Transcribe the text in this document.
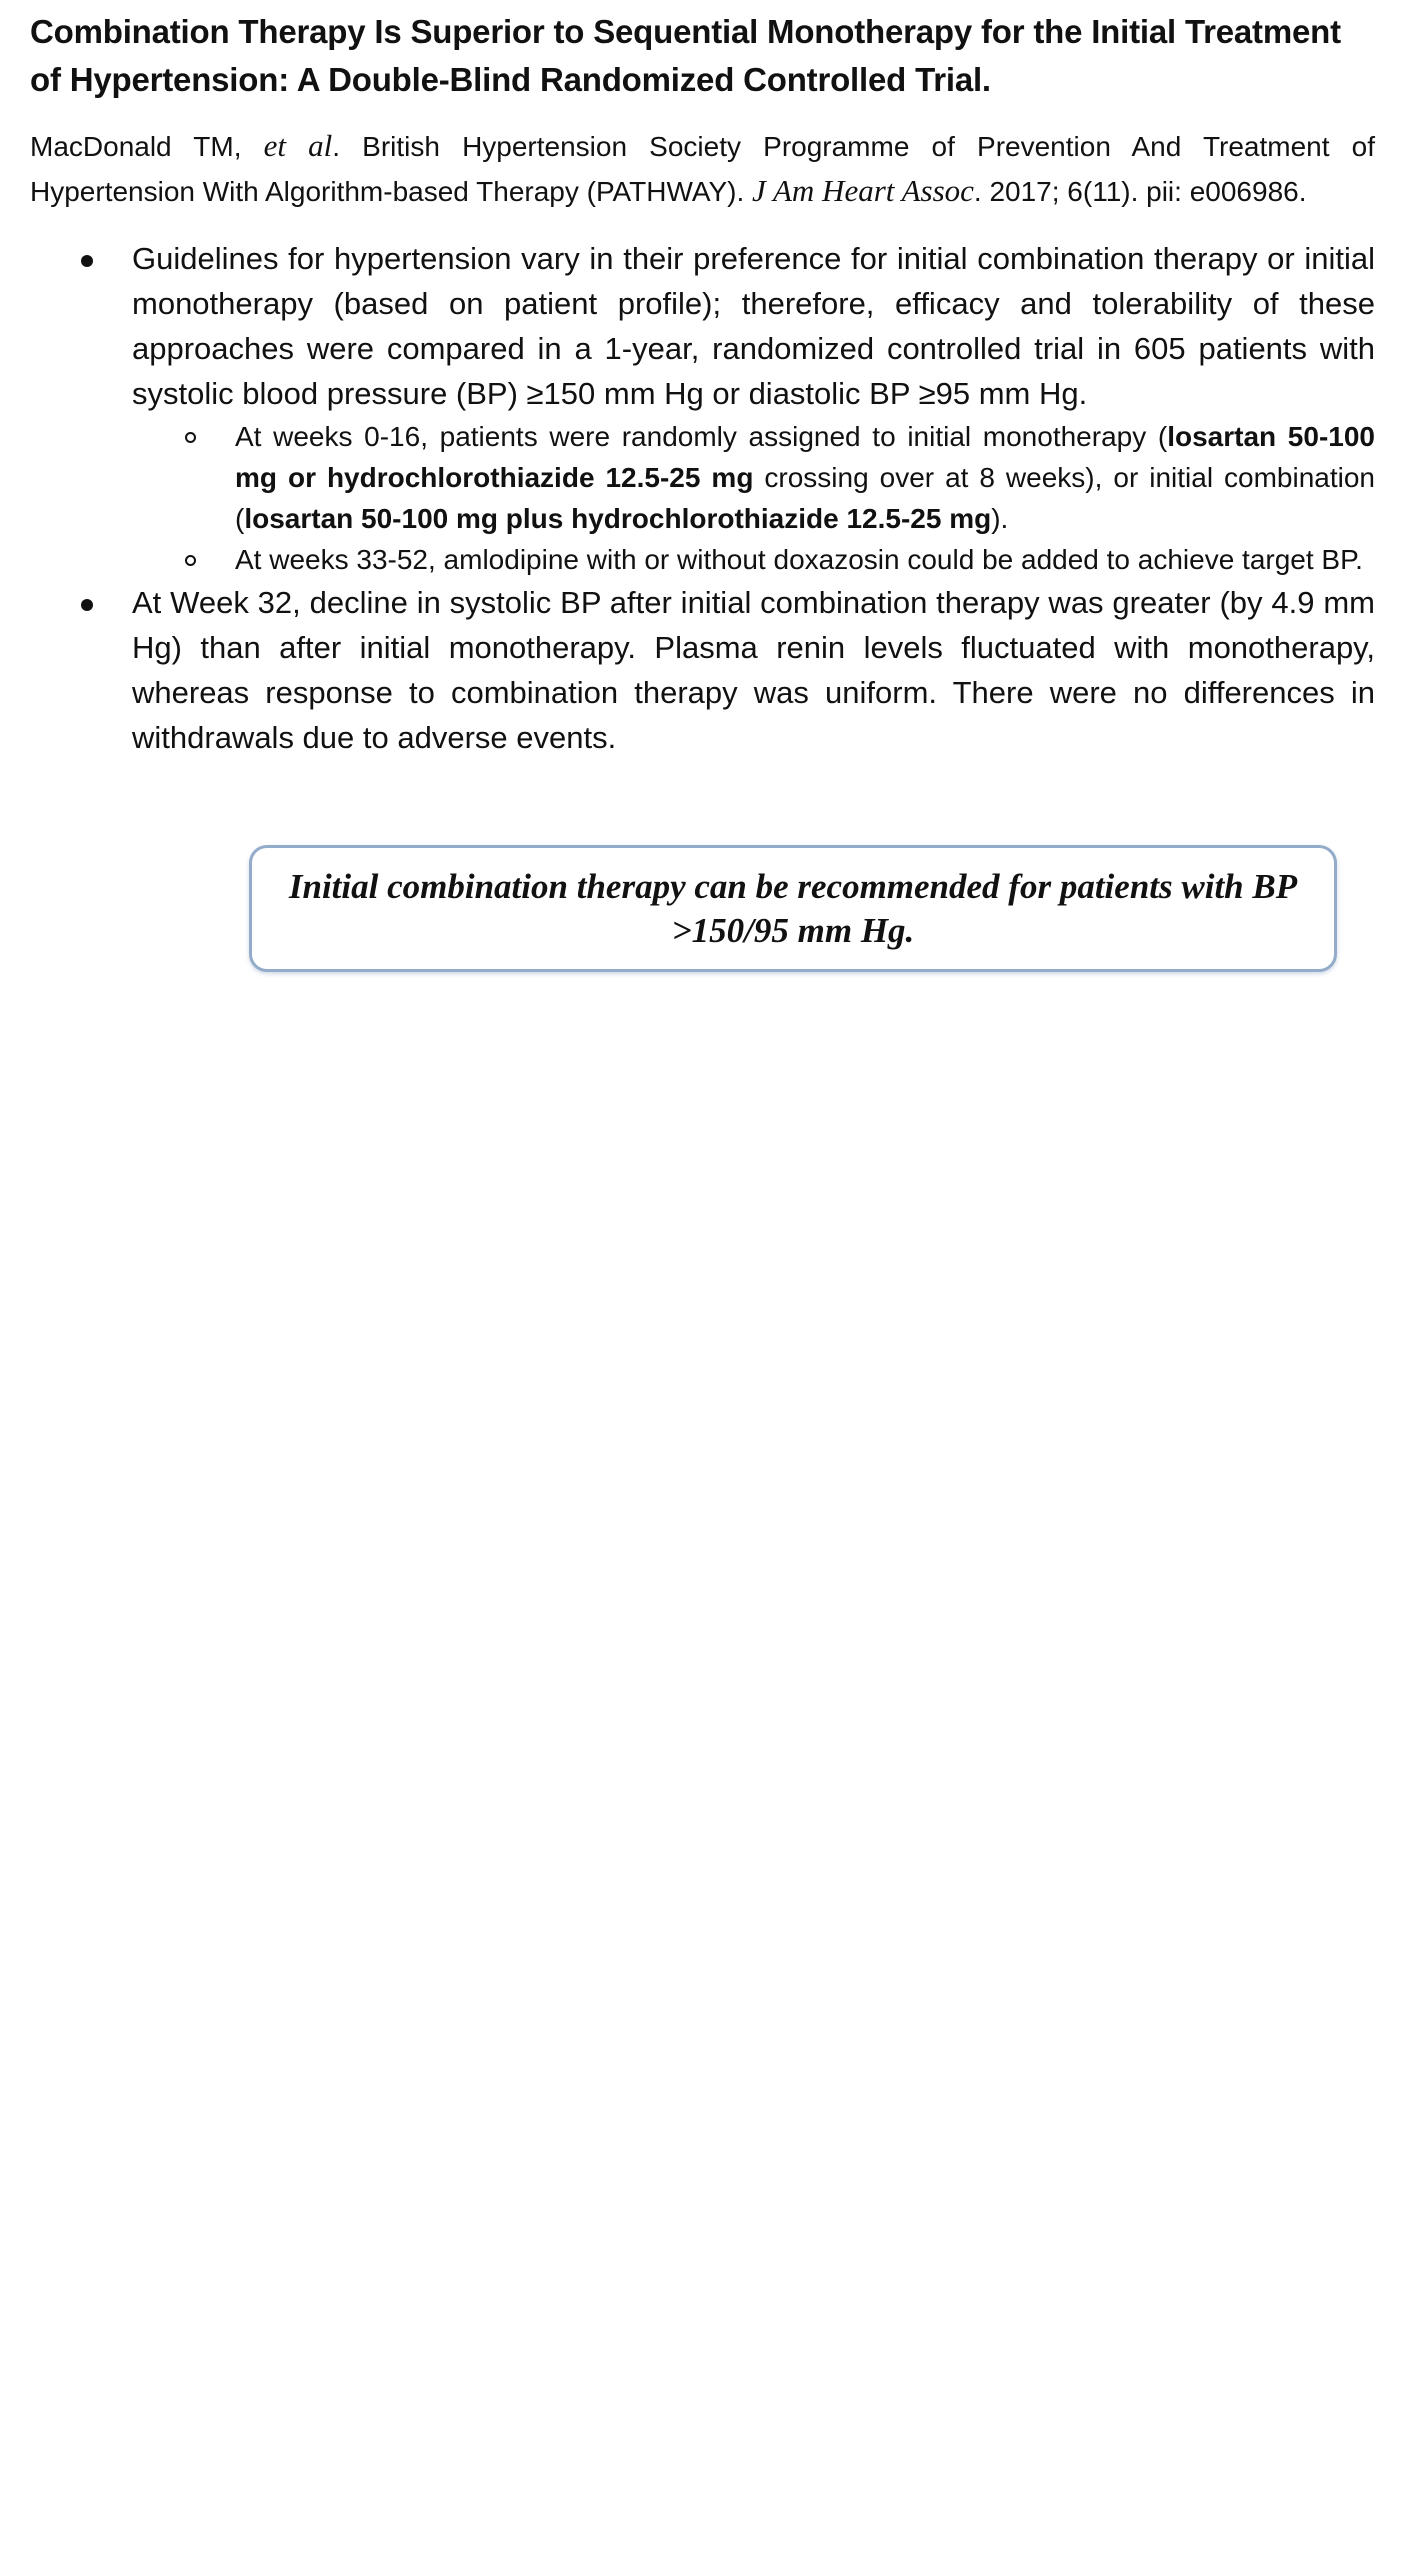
Combination Therapy Is Superior to Sequential Monotherapy for the Initial Treatment of Hypertension: A Double-Blind Randomized Controlled Trial.
MacDonald TM, et al. British Hypertension Society Programme of Prevention And Treatment of Hypertension With Algorithm-based Therapy (PATHWAY). J Am Heart Assoc. 2017; 6(11). pii: e006986.
Guidelines for hypertension vary in their preference for initial combination therapy or initial monotherapy (based on patient profile); therefore, efficacy and tolerability of these approaches were compared in a 1-year, randomized controlled trial in 605 patients with systolic blood pressure (BP) ≥150 mm Hg or diastolic BP ≥95 mm Hg.
At weeks 0-16, patients were randomly assigned to initial monotherapy (losartan 50-100 mg or hydrochlorothiazide 12.5-25 mg crossing over at 8 weeks), or initial combination (losartan 50-100 mg plus hydrochlorothiazide 12.5-25 mg).
At weeks 33-52, amlodipine with or without doxazosin could be added to achieve target BP.
At Week 32, decline in systolic BP after initial combination therapy was greater (by 4.9 mm Hg) than after initial monotherapy. Plasma renin levels fluctuated with monotherapy, whereas response to combination therapy was uniform. There were no differences in withdrawals due to adverse events.
Initial combination therapy can be recommended for patients with BP >150/95 mm Hg.
